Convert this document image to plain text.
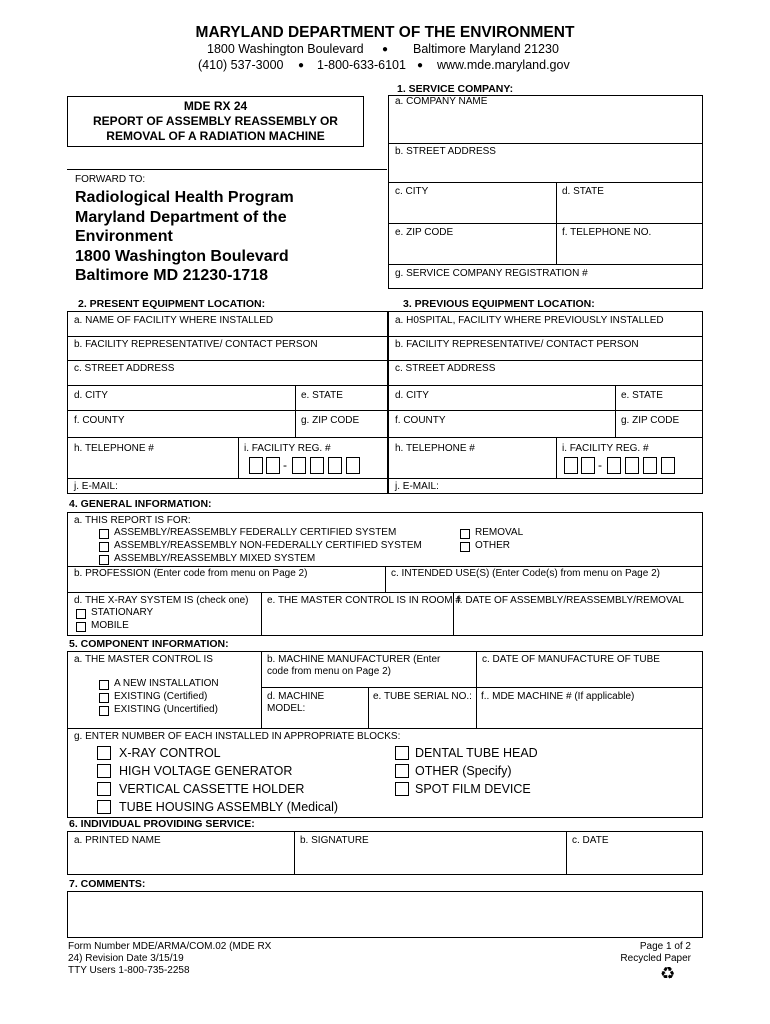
MARYLAND DEPARTMENT OF THE ENVIRONMENT
1800 Washington Boulevard ● Baltimore Maryland 21230
(410) 537-3000 ● 1-800-633-6101 ● www.mde.maryland.gov
MDE RX 24
REPORT OF ASSEMBLY REASSEMBLY OR
REMOVAL OF A RADIATION MACHINE
FORWARD TO:
Radiological Health Program
Maryland Department of the
Environment
1800 Washington Boulevard
Baltimore MD 21230-1718
1. SERVICE COMPANY:
a. COMPANY NAME
b. STREET ADDRESS
c. CITY	d. STATE
e. ZIP CODE	f. TELEPHONE NO.
g. SERVICE COMPANY REGISTRATION #
2. PRESENT EQUIPMENT LOCATION:	3. PREVIOUS EQUIPMENT LOCATION:
a. NAME OF FACILITY WHERE INSTALLED
b. FACILITY REPRESENTATIVE/ CONTACT PERSON
c. STREET ADDRESS
d. CITY	e. STATE
f. COUNTY	g. ZIP CODE
h. TELEPHONE #	i. FACILITY REG. #
-
j. E-MAIL:
a. H0SPITAL, FACILITY WHERE PREVIOUSLY INSTALLED
b. FACILITY REPRESENTATIVE/ CONTACT PERSON
c. STREET ADDRESS
d. CITY	e. STATE
f. COUNTY	g. ZIP CODE
h. TELEPHONE #	i. FACILITY REG. #
-
j. E-MAIL:
4. GENERAL INFORMATION:
a. THIS REPORT IS FOR:
ASSEMBLY/REASSEMBLY FEDERALLY CERTIFIED SYSTEM
ASSEMBLY/REASSEMBLY NON-FEDERALLY CERTIFIED SYSTEM
ASSEMBLY/REASSEMBLY MIXED SYSTEM
REMOVAL
OTHER
b. PROFESSION (Enter code from menu on Page 2)	c. INTENDED USE(S) (Enter Code(s) from menu on Page 2)
d. THE X-RAY SYSTEM IS (check one)
STATIONARY
MOBILE
e. THE MASTER CONTROL IS IN ROOM #
f. DATE OF ASSEMBLY/REASSEMBLY/REMOVAL
5. COMPONENT INFORMATION:
a. THE MASTER CONTROL IS
A NEW INSTALLATION
EXISTING (Certified)
EXISTING (Uncertified)
b. MACHINE MANUFACTURER (Enter
code from menu on Page 2)
c. DATE OF MANUFACTURE OF TUBE
d. MACHINE
MODEL:
e. TUBE SERIAL NO.: f.. MDE MACHINE # (If applicable)
g. ENTER NUMBER OF EACH INSTALLED IN APPROPRIATE BLOCKS:
X-RAY CONTROL
HIGH VOLTAGE GENERATOR
VERTICAL CASSETTE HOLDER
TUBE HOUSING ASSEMBLY (Medical)
DENTAL TUBE HEAD
OTHER (Specify)
SPOT FILM DEVICE
6. INDIVIDUAL PROVIDING SERVICE:
a. PRINTED NAME	b. SIGNATURE	c. DATE
7. COMMENTS:
Form Number MDE/ARMA/COM.02 (MDE RX
24) Revision Date 3/15/19
TTY Users 1-800-735-2258
Page 1 of 2
Recycled Paper
♻
